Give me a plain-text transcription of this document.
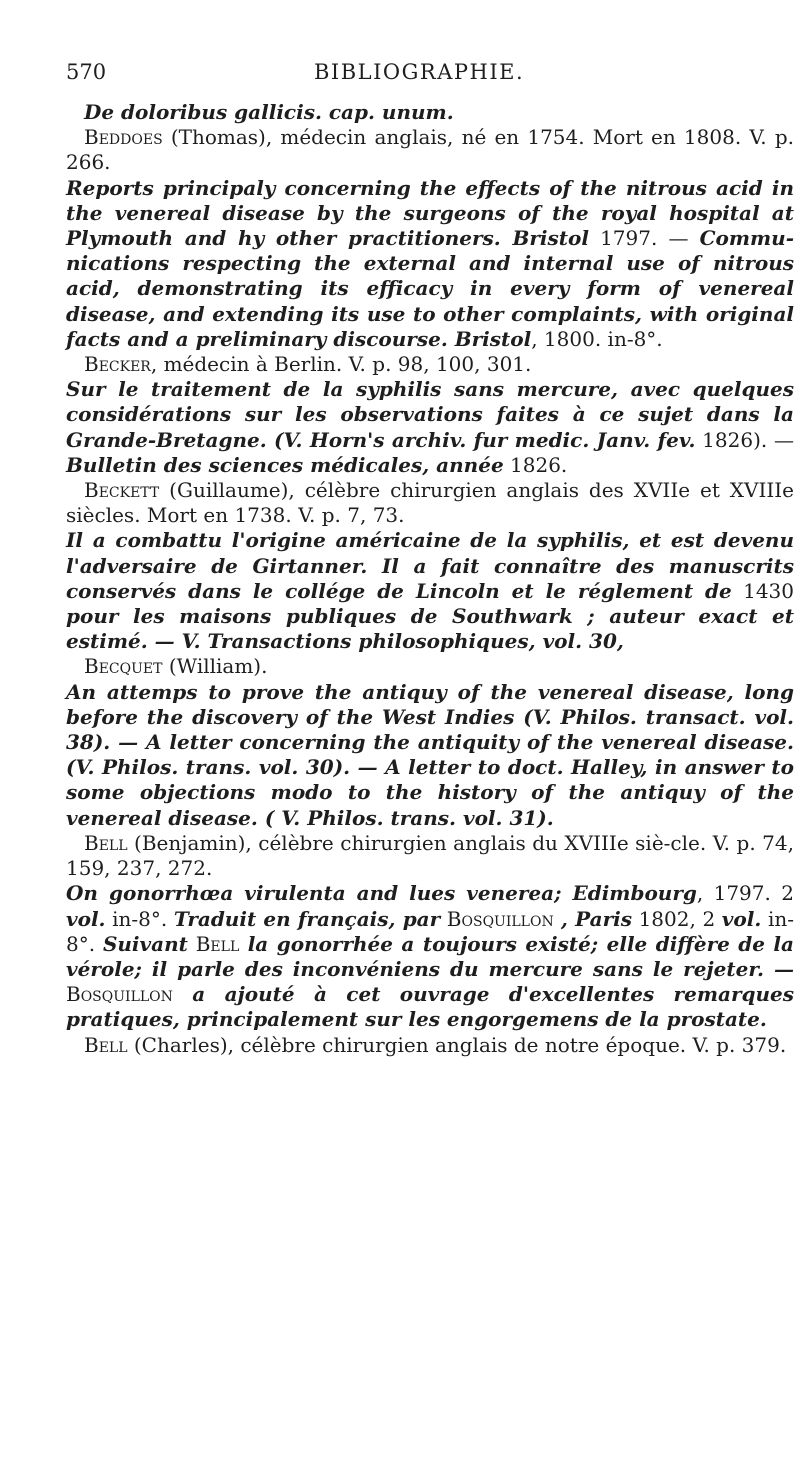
570	BIBLIOGRAPHIE.

De doloribus gallicis. cap. unum.

Beddoes (Thomas), médecin anglais, né en 1754. Mort en 1808. V. p. 266.

Reports principaly concerning the effects of the nitrous acid in the venereal disease by the surgeons of the royal hospital at Plymouth and hy other practitioners. Bristol 1797. — Commu-nications respecting the external and internal use of nitrous acid, demonstrating its efficacy in every form of venereal disease, and extending its use to other complaints, with original facts and a preliminary discourse. Bristol, 1800. in-8°.

Becker, médecin à Berlin. V. p. 98, 100, 301.

Sur le traitement de la syphilis sans mercure, avec quelques considérations sur les observations faites à ce sujet dans la Grande-Bretagne. (V. Horn's archiv. fur medic. Janv. fev. 1826). — Bulletin des sciences médicales, année 1826.

Beckett (Guillaume), célèbre chirurgien anglais des XVIIe et XVIIIe siècles. Mort en 1738. V. p. 7, 73.

Il a combattu l'origine américaine de la syphilis, et est devenu l'adversaire de Girtanner. Il a fait connaître des manuscrits conservés dans le collége de Lincoln et le réglement de 1430 pour les maisons publiques de Southwark ; auteur exact et estimé. — V. Transactions philosophiques, vol. 30,

Becquet (William).

An attemps to prove the antiquy of the venereal disease, long before the discovery of the West Indies (V. Philos. transact. vol. 38). — A letter concerning the antiquity of the venereal disease. (V. Philos. trans. vol. 30). — A letter to doct. Halley, in answer to some objections modo to the history of the antiquy of the venereal disease. ( V. Philos. trans. vol. 31).

Bell (Benjamin), célèbre chirurgien anglais du XVIIIe siè-cle. V. p. 74, 159, 237, 272.

On gonorrhœa virulenta and lues venerea; Edimbourg, 1797. 2 vol. in-8°. Traduit en français, par Bosquillon , Paris 1802, 2 vol. in-8°. Suivant Bell la gonorrhée a toujours existé; elle diffère de la vérole; il parle des inconvéniens du mercure sans le rejeter. — Bosquillon a ajouté à cet ouvrage d'excellentes remarques pratiques, principalement sur les engorgemens de la prostate.

Bell (Charles), célèbre chirurgien anglais de notre époque. V. p. 379.
